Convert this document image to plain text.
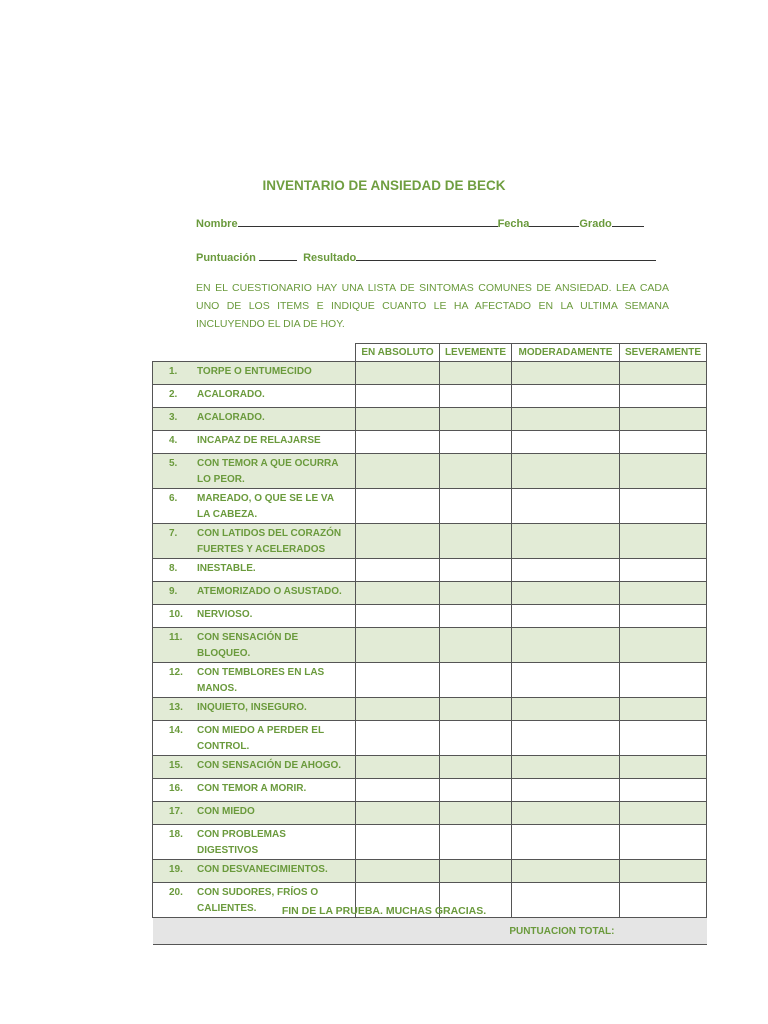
INVENTARIO DE ANSIEDAD DE BECK
Nombre	Fecha	Grado
Puntuación	Resultado
EN EL CUESTIONARIO HAY UNA LISTA DE SINTOMAS COMUNES DE ANSIEDAD. LEA CADA UNO DE LOS ITEMS E INDIQUE CUANTO LE HA AFECTADO EN LA ULTIMA SEMANA INCLUYENDO EL DIA DE HOY.
	EN ABSOLUTO	LEVEMENTE	MODERADAMENTE	SEVERAMENTE
1. TORPE O ENTUMECIDO				
2. ACALORADO.				
3. ACALORADO.				
4. INCAPAZ DE RELAJARSE				
5. CON TEMOR A QUE OCURRA LO PEOR.				
6. MAREADO, O QUE SE LE VA LA CABEZA.				
7. CON LATIDOS DEL CORAZÓN FUERTES Y ACELERADOS				
8. INESTABLE.				
9. ATEMORIZADO O ASUSTADO.				
10. NERVIOSO.				
11. CON SENSACIÓN DE BLOQUEO.				
12. CON TEMBLORES EN LAS MANOS.				
13. INQUIETO, INSEGURO.				
14. CON MIEDO A PERDER EL CONTROL.				
15. CON SENSACIÓN DE AHOGO.				
16. CON TEMOR A MORIR.				
17. CON MIEDO				
18. CON PROBLEMAS DIGESTIVOS				
19. CON DESVANECIMIENTOS.				
20. CON SUDORES, FRÍOS O CALIENTES.				
PUNTUACION TOTAL:				
FIN DE LA PRUEBA. MUCHAS GRACIAS.
